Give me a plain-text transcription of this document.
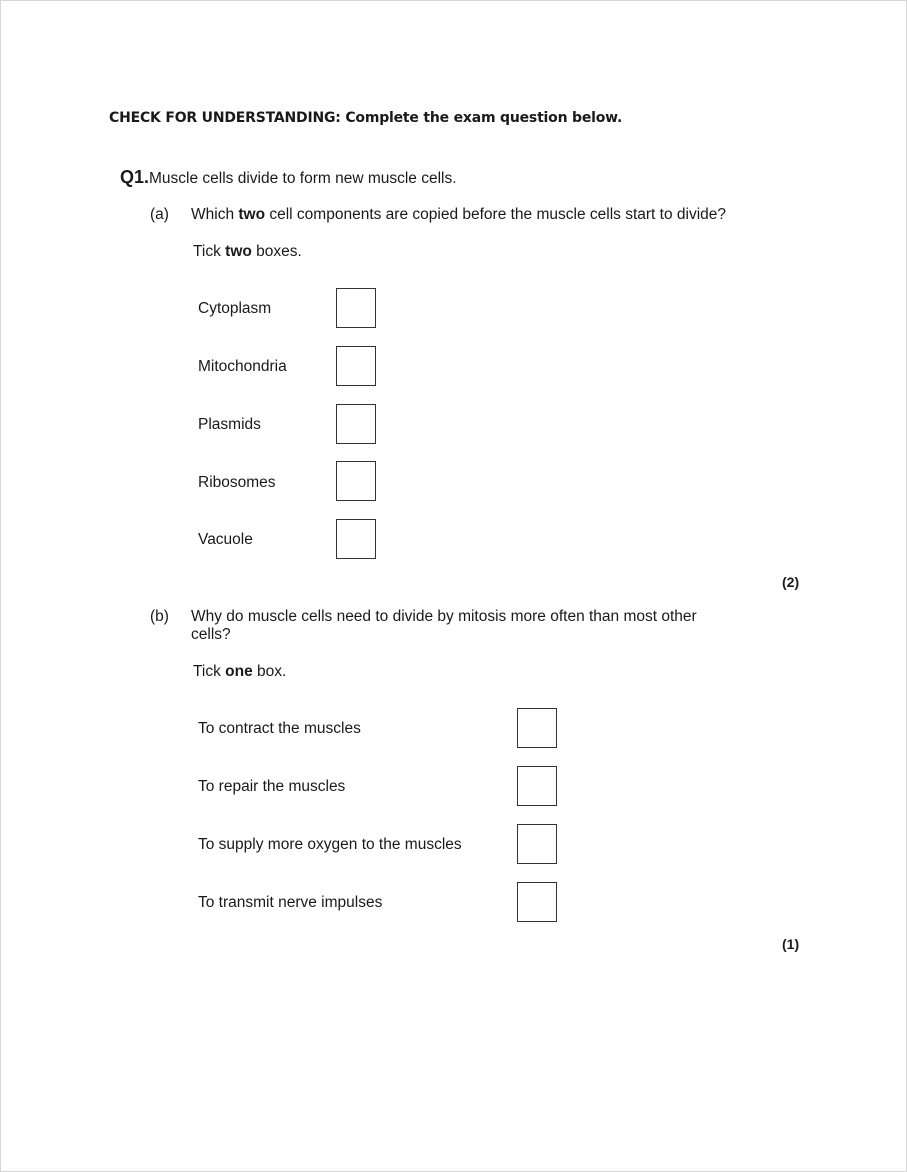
CHECK FOR UNDERSTANDING: Complete the exam question below.
Q1.Muscle cells divide to form new muscle cells.
(a) Which two cell components are copied before the muscle cells start to divide?
Tick two boxes.
Cytoplasm
Mitochondria
Plasmids
Ribosomes
Vacuole
(2)
(b) Why do muscle cells need to divide by mitosis more often than most other cells?
Tick one box.
To contract the muscles
To repair the muscles
To supply more oxygen to the muscles
To transmit nerve impulses
(1)
